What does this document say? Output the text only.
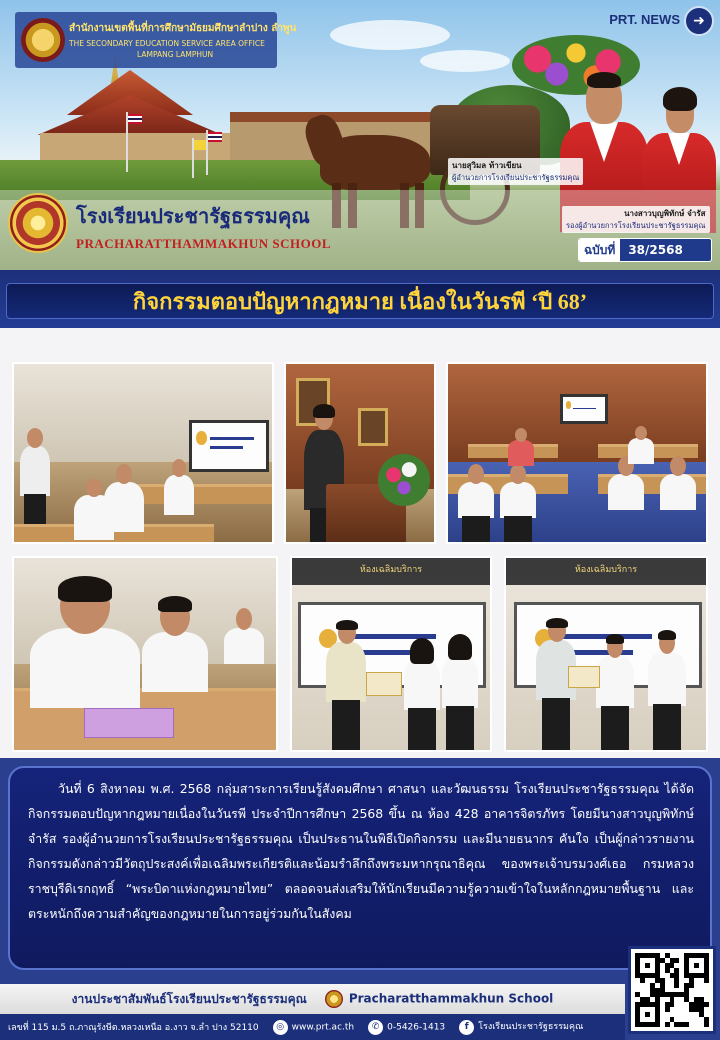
สำนักงานเขตพื้นที่การศึกษามัธยมศึกษาลำปาง ลำพูน
THE SECONDARY EDUCATION SERVICE AREA OFFICE
LAMPANG LAMPHUN
PRT. NEWS ➜
โรงเรียนประชารัฐธรรมคุณ
PRACHARATTHAMMAKHUN SCHOOL
นายสุวิมล ท้าวเขียน
ผู้อำนวยการโรงเรียนประชารัฐธรรมคุณ
นางสาวบุญพิทักษ์ จำรัส
รองผู้อำนวยการโรงเรียนประชารัฐธรรมคุณ
ฉบับที่	38/2568
กิจกรรมตอบปัญหากฎหมาย เนื่องในวันรพี ‘ปี 68’
ห้องเฉลิมบริการ	ห้องเฉลิมบริการ

วันที่ 6 สิงหาคม พ.ศ. 2568 กลุ่มสาระการเรียนรู้สังคมศึกษา ศาสนา และวัฒนธรรม โรงเรียนประชารัฐธรรมคุณ ได้จัดกิจกรรมตอบปัญหากฎหมายเนื่องในวันรพี ประจำปีการศึกษา 2568 ขึ้น ณ ห้อง 428 อาคารจิตรภัทร โดยมีนางสาวบุญพิทักษ์ จำรัส รองผู้อำนวยการโรงเรียนประชารัฐธรรมคุณ เป็นประธานในพิธีเปิดกิจกรรม และมีนายธนากร คันใจ เป็นผู้กล่าวรายงาน กิจกรรมดังกล่าวมีวัตถุประสงค์เพื่อเฉลิมพระเกียรติและน้อมรำลึกถึงพระมหากรุณาธิคุณ ของพระเจ้าบรมวงศ์เธอ กรมหลวงราชบุรีดิเรกฤทธิ์ “พระบิดาแห่งกฎหมายไทย” ตลอดจนส่งเสริมให้นักเรียนมีความรู้ความเข้าใจในหลักกฎหมายพื้นฐาน และตระหนักถึงความสำคัญของกฎหมายในการอยู่ร่วมกันในสังคม

งานประชาสัมพันธ์โรงเรียนประชารัฐธรรมคุณ	Pracharatthammakhun School
เลขที่ 115 ม.5 ถ.ภาณุรังษีต.หลวงเหนือ อ.งาว จ.ลำ ปาง 52110	◎ www.prt.ac.th	✆ 0-5426-1413	f โรงเรียนประชารัฐธรรมคุณ
